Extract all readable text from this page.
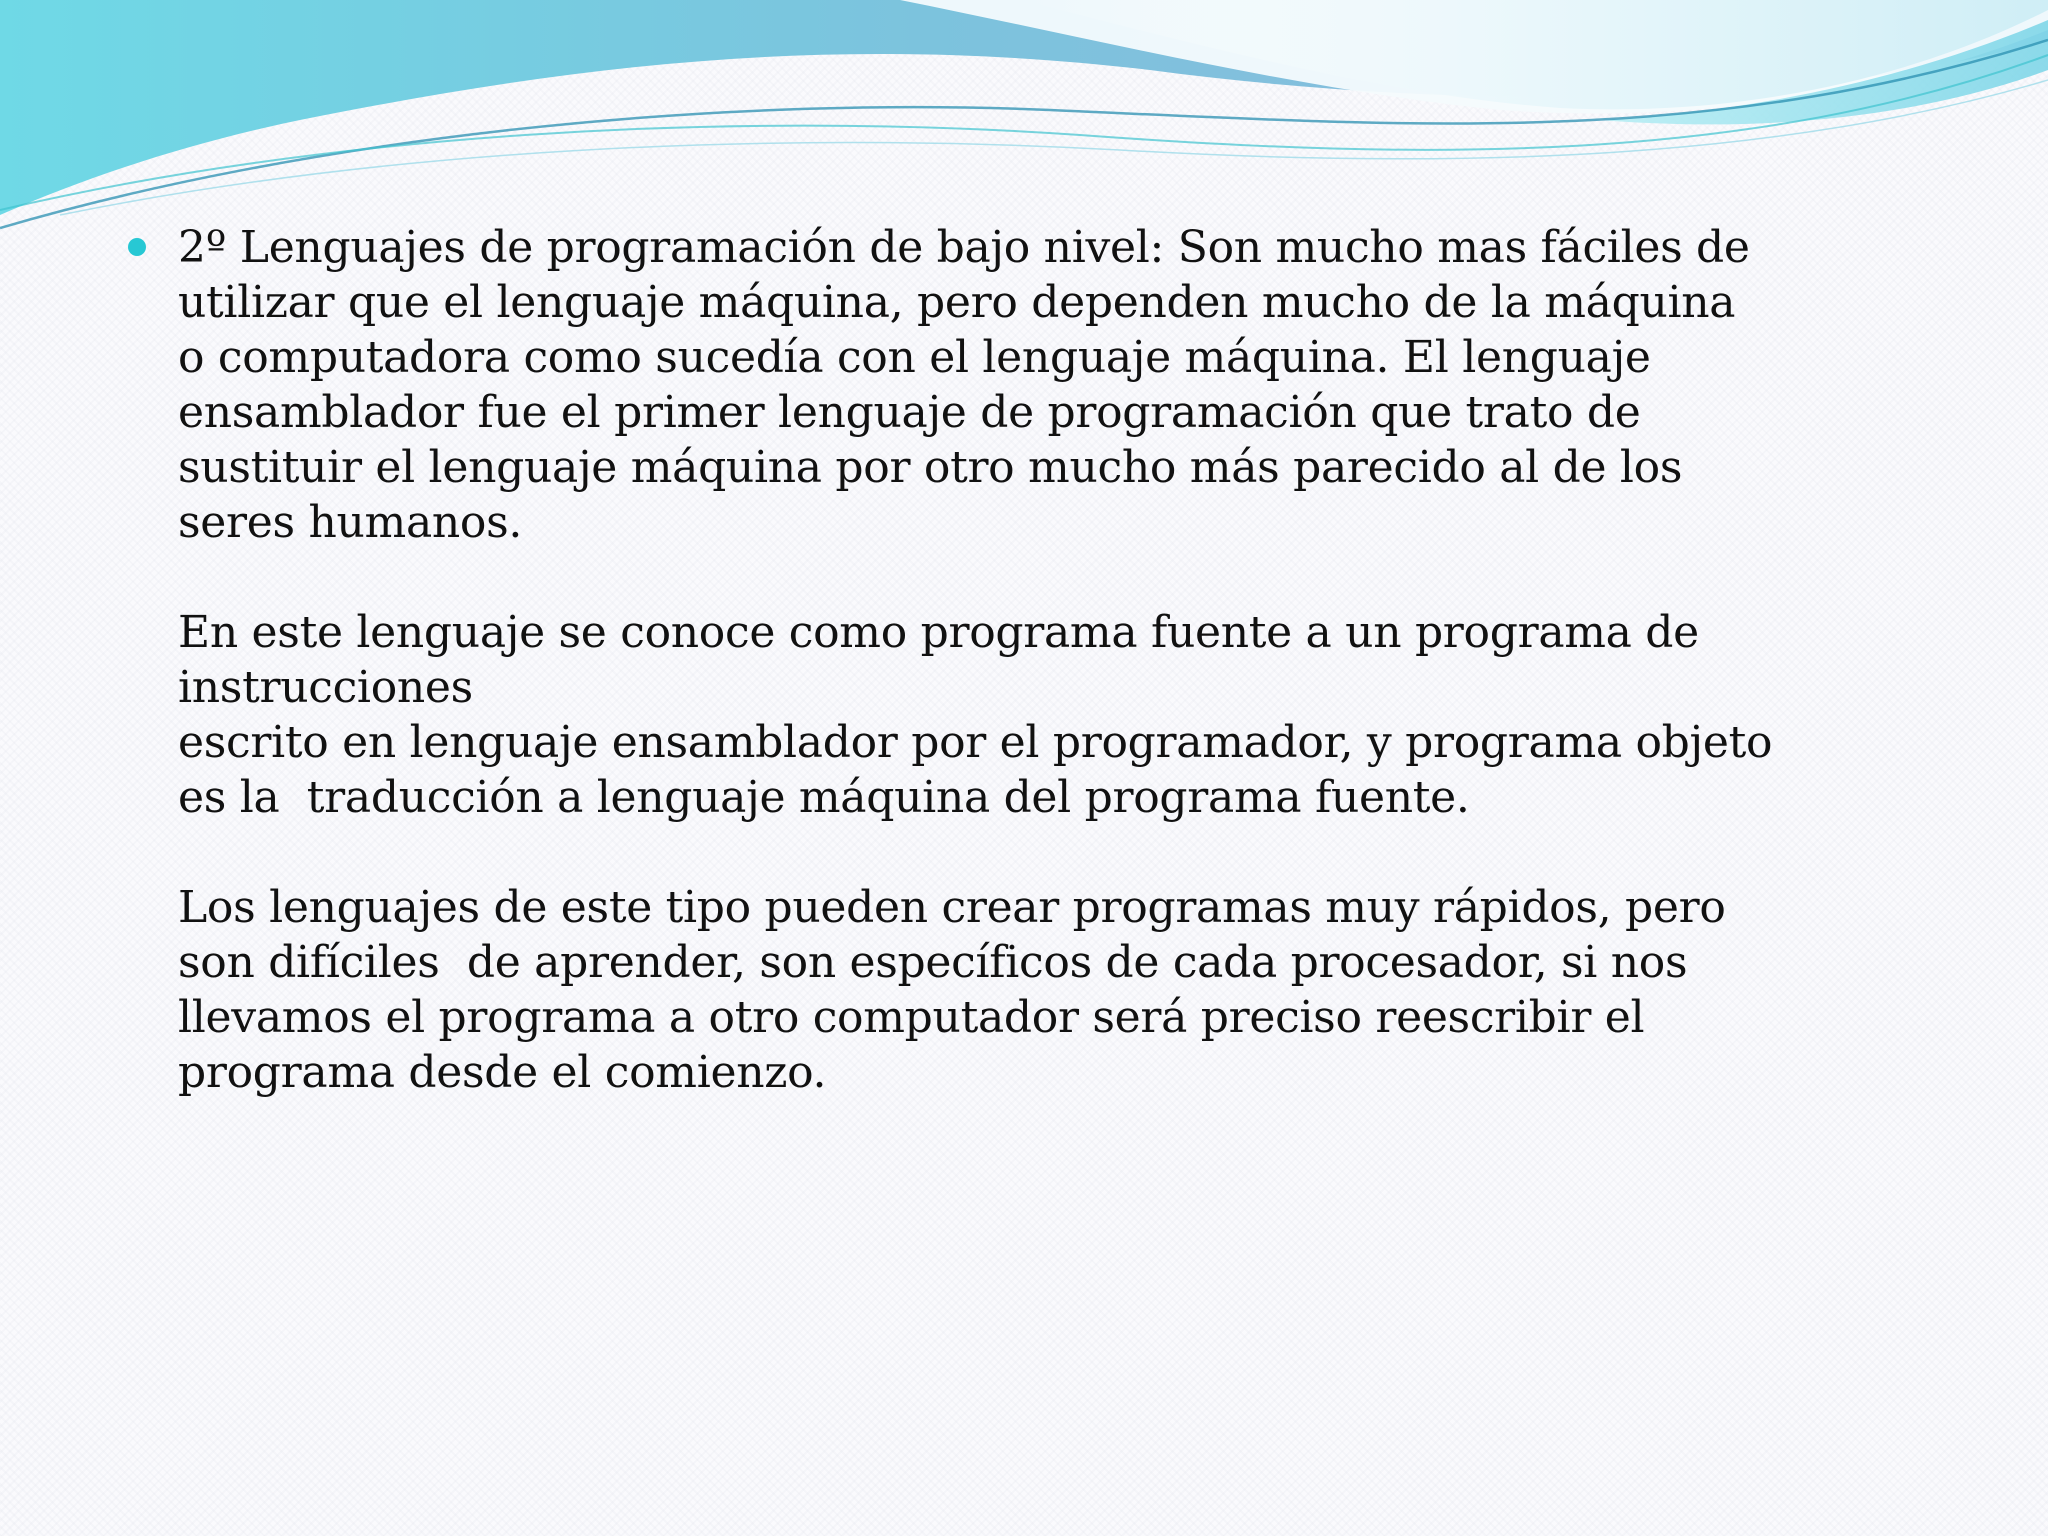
2º Lenguajes de programación de bajo nivel: Son mucho mas fáciles de
utilizar que el lenguaje máquina, pero dependen mucho de la máquina
o computadora como sucedía con el lenguaje máquina. El lenguaje
ensamblador fue el primer lenguaje de programación que trato de
sustituir el lenguaje máquina por otro mucho más parecido al de los
seres humanos.
En este lenguaje se conoce como programa fuente a un programa de
instrucciones
escrito en lenguaje ensamblador por el programador, y programa objeto
es la  traducción a lenguaje máquina del programa fuente.
Los lenguajes de este tipo pueden crear programas muy rápidos, pero
son difíciles  de aprender, son específicos de cada procesador, si nos
llevamos el programa a otro computador será preciso reescribir el
programa desde el comienzo.
